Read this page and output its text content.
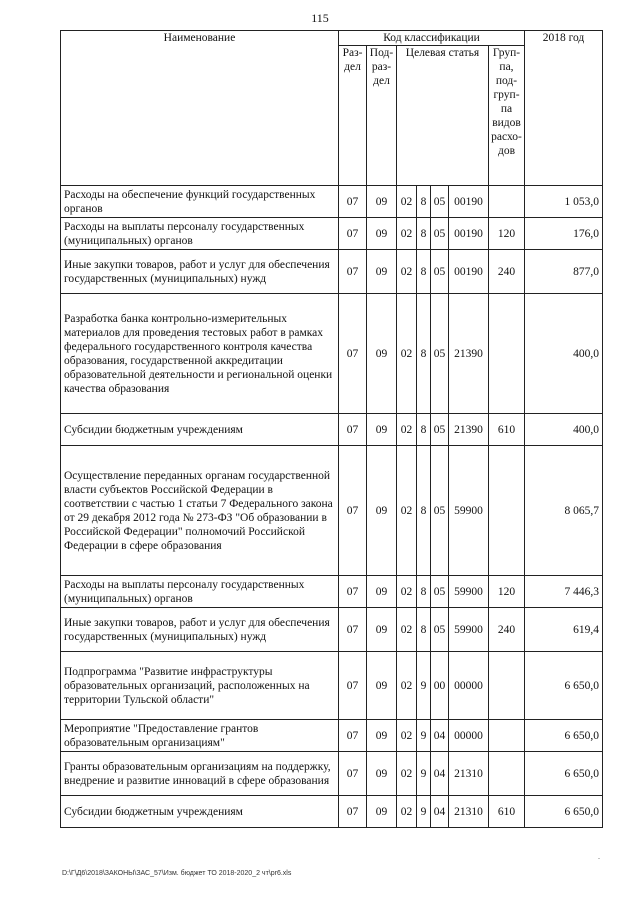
115
Наименование	Код классификации							2018 год
	Раз-дел	Под-раз-дел	Целевая статья				Груп-па, под-груп-па видов расхо-дов	
Расходы на обеспечение функций государственных органов	07	09	02	8	05	00190		1 053,0
Расходы на выплаты персоналу государственных (муниципальных) органов	07	09	02	8	05	00190	120	176,0
Иные закупки товаров, работ и услуг для обеспечения государственных (муниципальных) нужд	07	09	02	8	05	00190	240	877,0
Разработка банка контрольно-измерительных материалов для проведения тестовых работ в рамках федерального государственного контроля качества образования, государственной аккредитации образовательной деятельности и региональной оценки качества образования	07	09	02	8	05	21390		400,0
Субсидии бюджетным учреждениям	07	09	02	8	05	21390	610	400,0
Осуществление переданных органам государственной власти субъектов Российской Федерации в соответствии с частью 1 статьи 7 Федерального закона от 29 декабря 2012 года № 273-ФЗ "Об образовании в Российской Федерации" полномочий Российской Федерации в сфере образования	07	09	02	8	05	59900		8 065,7
Расходы на выплаты персоналу государственных (муниципальных) органов	07	09	02	8	05	59900	120	7 446,3
Иные закупки товаров, работ и услуг для обеспечения государственных (муниципальных) нужд	07	09	02	8	05	59900	240	619,4
Подпрограмма "Развитие инфраструктуры образовательных организаций, расположенных на территории Тульской области"	07	09	02	9	00	00000		6 650,0
Мероприятие "Предоставление грантов образовательным организациям"	07	09	02	9	04	00000		6 650,0
Гранты образовательным организациям на поддержку, внедрение и развитие инноваций в сфере образования	07	09	02	9	04	21310		6 650,0
Субсидии бюджетным учреждениям	07	09	02	9	04	21310	610	6 650,0
D:\Г\Д6\2018\ЗАКОНЫ\ЗАС_57\Изм. бюджет ТО 2018-2020_2 чт\pr6.xls
.
